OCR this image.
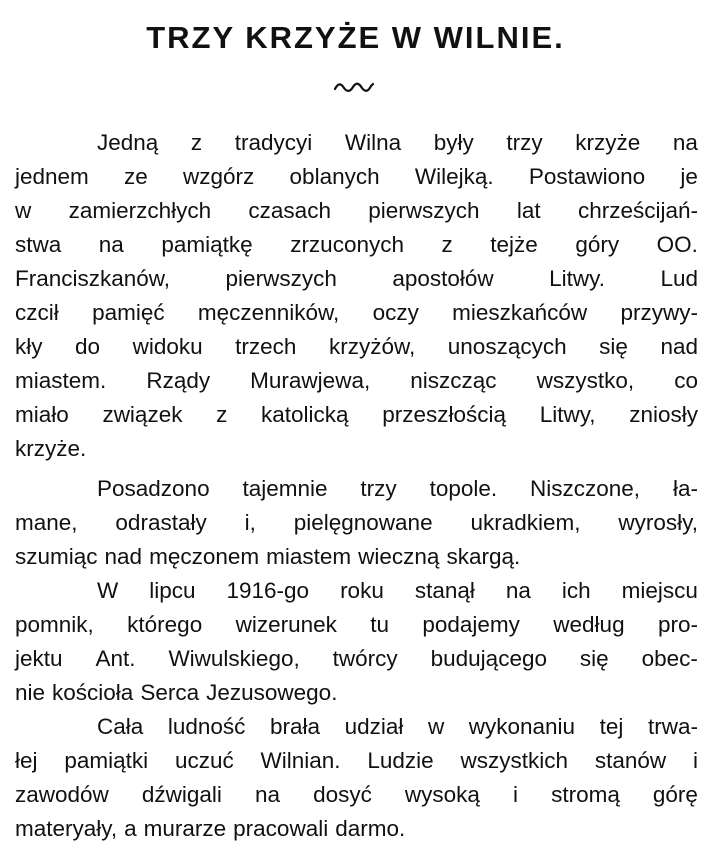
TRZY KRZYŻE W WILNIE.
Jedną z tradycyi Wilna były trzy krzyże na
jednem ze wzgórz oblanych Wilejką. Postawiono je
w zamierzchłych czasach pierwszych lat chrześcijań-
stwa na pamiątkę zrzuconych z tejże góry OO.
Franciszkanów, pierwszych apostołów Litwy. Lud
czcił pamięć męczenników, oczy mieszkańców przywy-
kły do widoku trzech krzyżów, unoszących się nad
miastem. Rządy Murawjewa, niszcząc wszystko, co
miało związek z katolicką przeszłością Litwy, zniosły
krzyże.
Posadzono tajemnie trzy topole. Niszczone, ła-
mane, odrastały i, pielęgnowane ukradkiem, wyrosły,
szumiąc nad męczonem miastem wieczną skargą.
W lipcu 1916-go roku stanął na ich miejscu
pomnik, którego wizerunek tu podajemy według pro-
jektu Ant. Wiwulskiego, twórcy budującego się obec-
nie kościoła Serca Jezusowego.
Cała ludność brała udział w wykonaniu tej trwa-
łej pamiątki uczuć Wilnian. Ludzie wszystkich stanów i
zawodów dźwigali na dosyć wysoką i stromą górę
materyały, a murarze pracowali darmo.
